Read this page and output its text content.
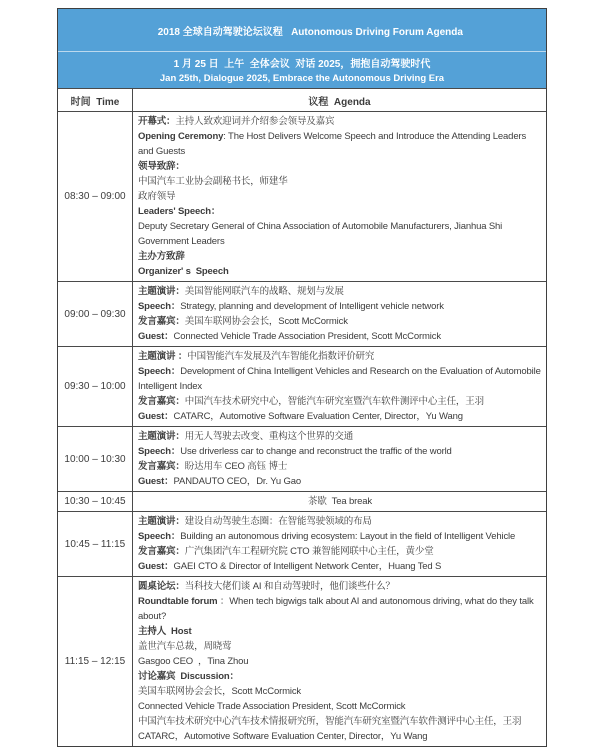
2018 全球自动驾驶论坛议程   Autonomous Driving Forum Agenda

1 月 25 日  上午  全体会议  对话 2025，拥抱自动驾驶时代
Jan 25th, Dialogue 2025, Embrace the Autonomous Driving Era
时间  Time	议程  Agenda
08:30 – 09:00
开幕式：主持人致欢迎词并介绍参会领导及嘉宾
Opening Ceremony: The Host Delivers Welcome Speech and Introduce the Attending Leaders and Guests
领导致辞：
中国汽车工业协会副秘书长，师建华
政府领导
Leaders' Speech：
Deputy Secretary General of China Association of Automobile Manufacturers, Jianhua Shi
Government Leaders
主办方致辞
Organizer' s  Speech
09:00 – 09:30
主题演讲：美国智能网联汽车的战略、规划与发展
Speech：Strategy, planning and development of Intelligent vehicle network
发言嘉宾：美国车联网协会会长，Scott McCormick
Guest：Connected Vehicle Trade Association President, Scott McCormick
09:30 – 10:00
主题演讲 ：中国智能汽车发展及汽车智能化指数评价研究
Speech：Development of China Intelligent Vehicles and Research on the Evaluation of Automobile Intelligent Index
发言嘉宾：中国汽车技术研究中心，智能汽车研究室暨汽车软件测评中心主任，王羽
Guest：CATARC，Automotive Software Evaluation Center, Director，Yu Wang
10:00 – 10:30
主题演讲：用无人驾驶去改变、重构这个世界的交通
Speech：Use driverless car to change and reconstruct the traffic of the world
发言嘉宾：盼达用车 CEO 高钰 博士
Guest：PANDAUTO CEO，Dr. Yu Gao
10:30 – 10:45	茶歇  Tea break
10:45 – 11:15
主题演讲：建设自动驾驶生态圈：在智能驾驶领域的布局
Speech：Building an autonomous driving ecosystem: Layout in the field of Intelligent Vehicle
发言嘉宾：广汽集团汽车工程研究院 CTO 兼智能网联中心主任，黄少堂
Guest：GAEI CTO & Director of Intelligent Network Center，Huang Ted S
11:15 – 12:15
圆桌论坛：当科技大佬们谈 AI 和自动驾驶时，他们谈些什么？
Roundtable forum ：When tech bigwigs talk about AI and autonomous driving, what do they talk about?
主持人  Host
盖世汽车总裁，周晓莺
Gasgoo CEO  ，Tina Zhou
讨论嘉宾  Discussion：
美国车联网协会会长，Scott McCormick
Connected Vehicle Trade Association President, Scott McCormick
中国汽车技术研究中心汽车技术情报研究所，智能汽车研究室暨汽车软件测评中心主任，王羽
CATARC，Automotive Software Evaluation Center, Director，Yu Wang
